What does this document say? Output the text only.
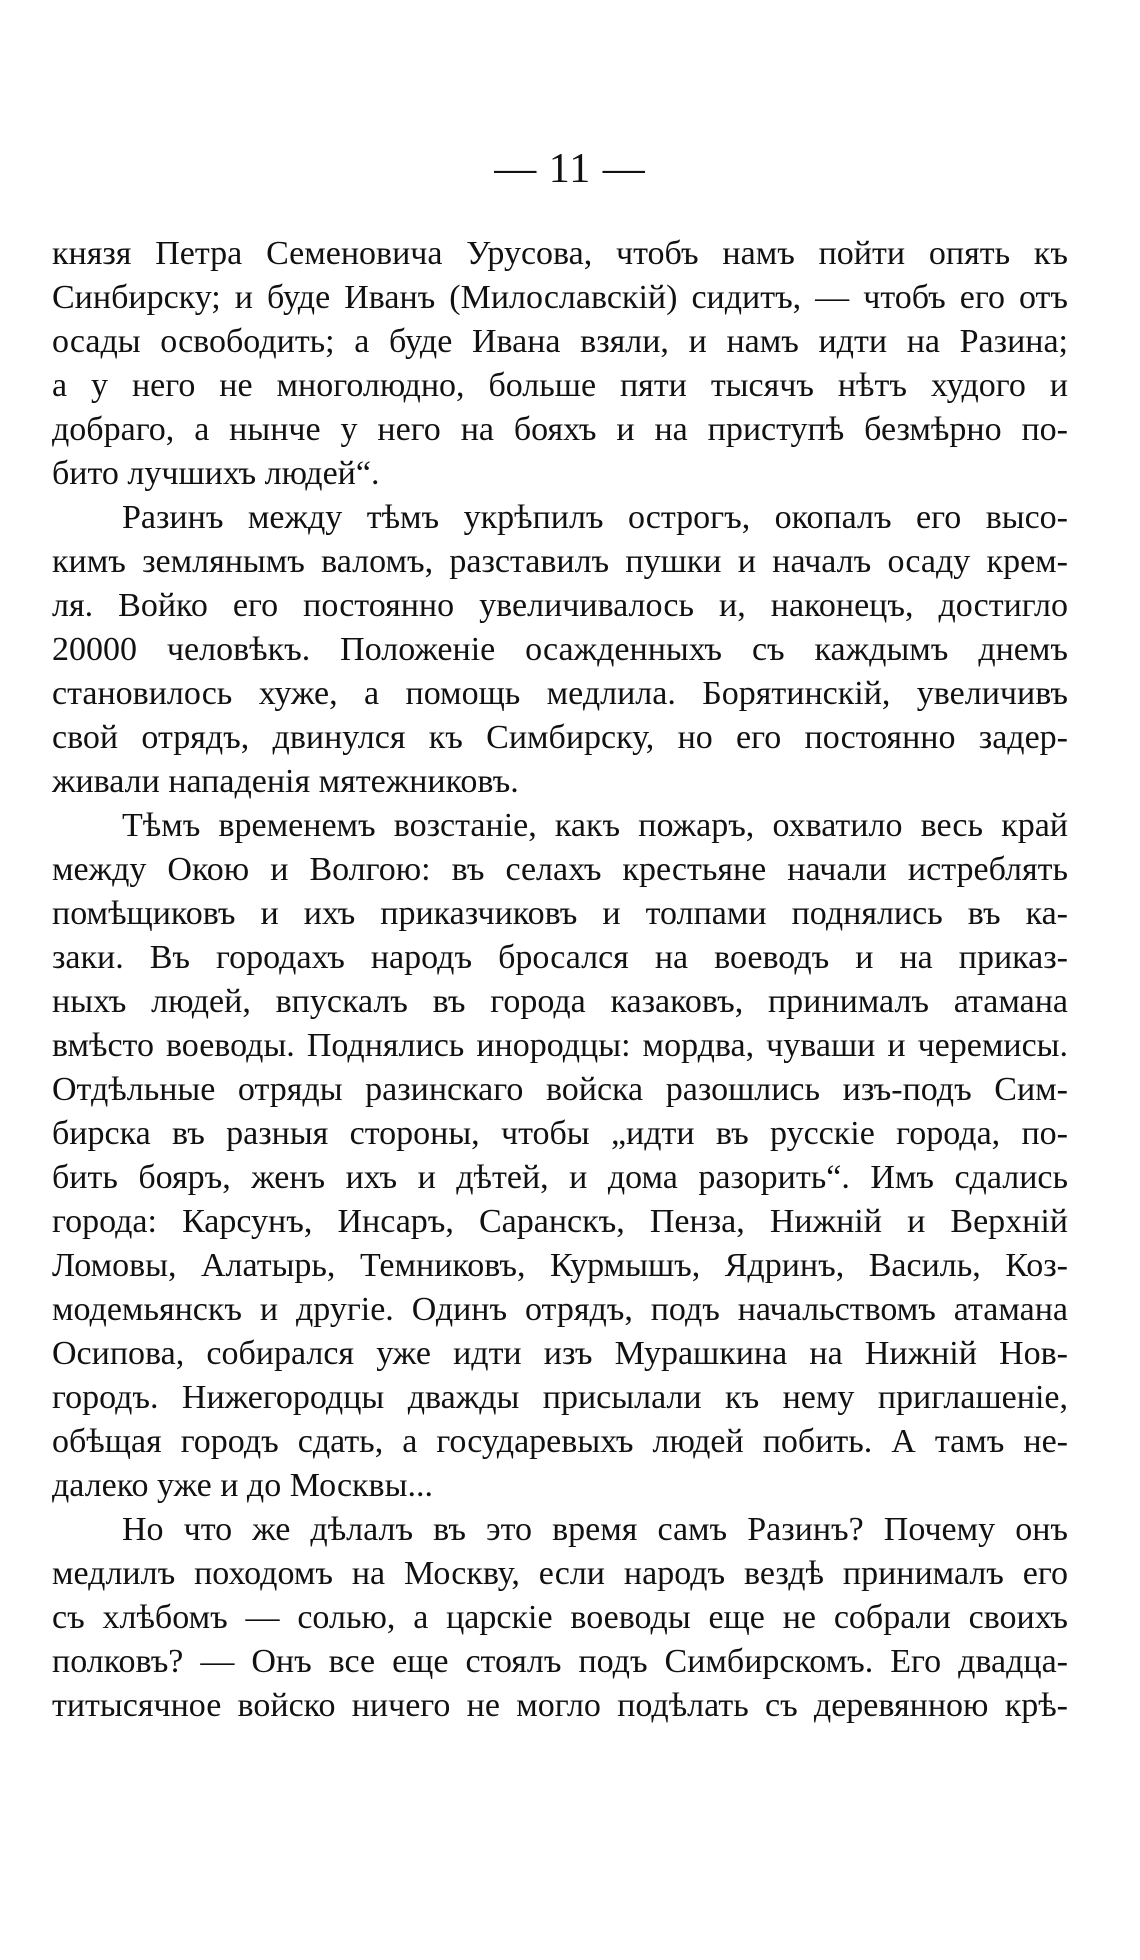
— 11 —
князя Петра Семеновича Урусова, чтобъ намъ пойти опять къ
Синбирску; и буде Иванъ (Милославскій) сидитъ, — чтобъ его отъ
осады освободить; а буде Ивана взяли, и намъ идти на Разина;
а у него не многолюдно, больше пяти тысячъ нѣтъ худого и
добраго, а нынче у него на бояхъ и на приступѣ безмѣрно по-
бито лучшихъ людей“.
Разинъ между тѣмъ укрѣпилъ острогъ, окопалъ его высо-
кимъ землянымъ валомъ, разставилъ пушки и началъ осаду крем-
ля. Войко его постоянно увеличивалось и, наконецъ, достигло
20000 человѣкъ. Положеніе осажденныхъ съ каждымъ днемъ
становилось хуже, а помощь медлила. Борятинскій, увеличивъ
свой отрядъ, двинулся къ Симбирску, но его постоянно задер-
живали нападенія мятежниковъ.
Тѣмъ временемъ возстаніе, какъ пожаръ, охватило весь край
между Окою и Волгою: въ селахъ крестьяне начали истреблять
помѣщиковъ и ихъ приказчиковъ и толпами поднялись въ ка-
заки. Въ городахъ народъ бросался на воеводъ и на приказ-
ныхъ людей, впускалъ въ города казаковъ, принималъ атамана
вмѣсто воеводы. Поднялись инородцы: мордва, чуваши и черемисы.
Отдѣльные отряды разинскаго войска разошлись изъ-подъ Сим-
бирска въ разныя стороны, чтобы „идти въ русскіе города, по-
бить бояръ, женъ ихъ и дѣтей, и дома разорить“. Имъ сдались
города: Карсунъ, Инсаръ, Саранскъ, Пенза, Нижній и Верхній
Ломовы, Алатырь, Темниковъ, Курмышъ, Ядринъ, Василь, Коз-
модемьянскъ и другіе. Одинъ отрядъ, подъ начальствомъ атамана
Осипова, собирался уже идти изъ Мурашкина на Нижній Нов-
городъ. Нижегородцы дважды присылали къ нему приглашеніе,
обѣщая городъ сдать, а государевыхъ людей побить. А тамъ не-
далеко уже и до Москвы...
Но что же дѣлалъ въ это время самъ Разинъ? Почему онъ
медлилъ походомъ на Москву, если народъ вездѣ принималъ его
съ хлѣбомъ — солью, а царскіе воеводы еще не собрали своихъ
полковъ? — Онъ все еще стоялъ подъ Симбирскомъ. Его двадца-
титысячное войско ничего не могло подѣлать съ деревянною крѣ-
